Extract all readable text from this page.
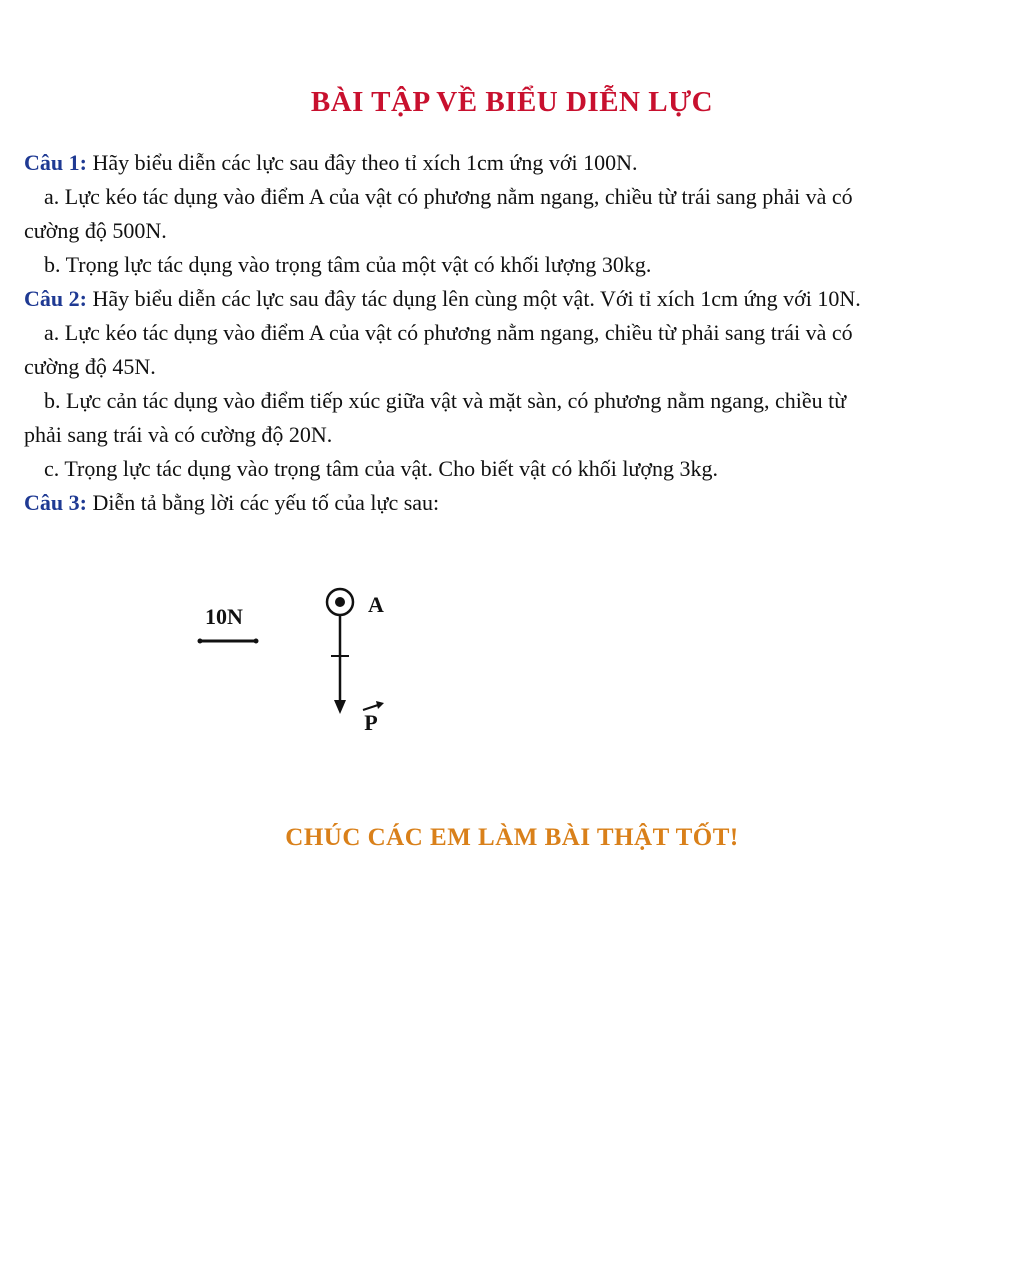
BÀI TẬP VỀ BIỂU DIỄN LỰC
Câu 1: Hãy biểu diễn các lực sau đây theo tỉ xích 1cm ứng với 100N.
a. Lực kéo tác dụng vào điểm A của vật có phương nằm ngang, chiều từ trái sang phải và có
cường độ 500N.
b. Trọng lực tác dụng vào trọng tâm của một vật có khối lượng 30kg.
Câu 2: Hãy biểu diễn các lực sau đây tác dụng lên cùng một vật. Với tỉ xích 1cm ứng với 10N.
a. Lực kéo tác dụng vào điểm A của vật có phương nằm ngang, chiều từ phải sang trái và có
cường độ 45N.
b. Lực cản tác dụng vào điểm tiếp xúc giữa vật và mặt sàn, có phương nằm ngang, chiều từ
phải sang trái và có cường độ 20N.
c. Trọng lực tác dụng vào trọng tâm của vật. Cho biết vật có khối lượng 3kg.
Câu 3: Diễn tả bằng lời các yếu tố của lực sau:
10N	A
P
CHÚC CÁC EM LÀM BÀI THẬT TỐT!
